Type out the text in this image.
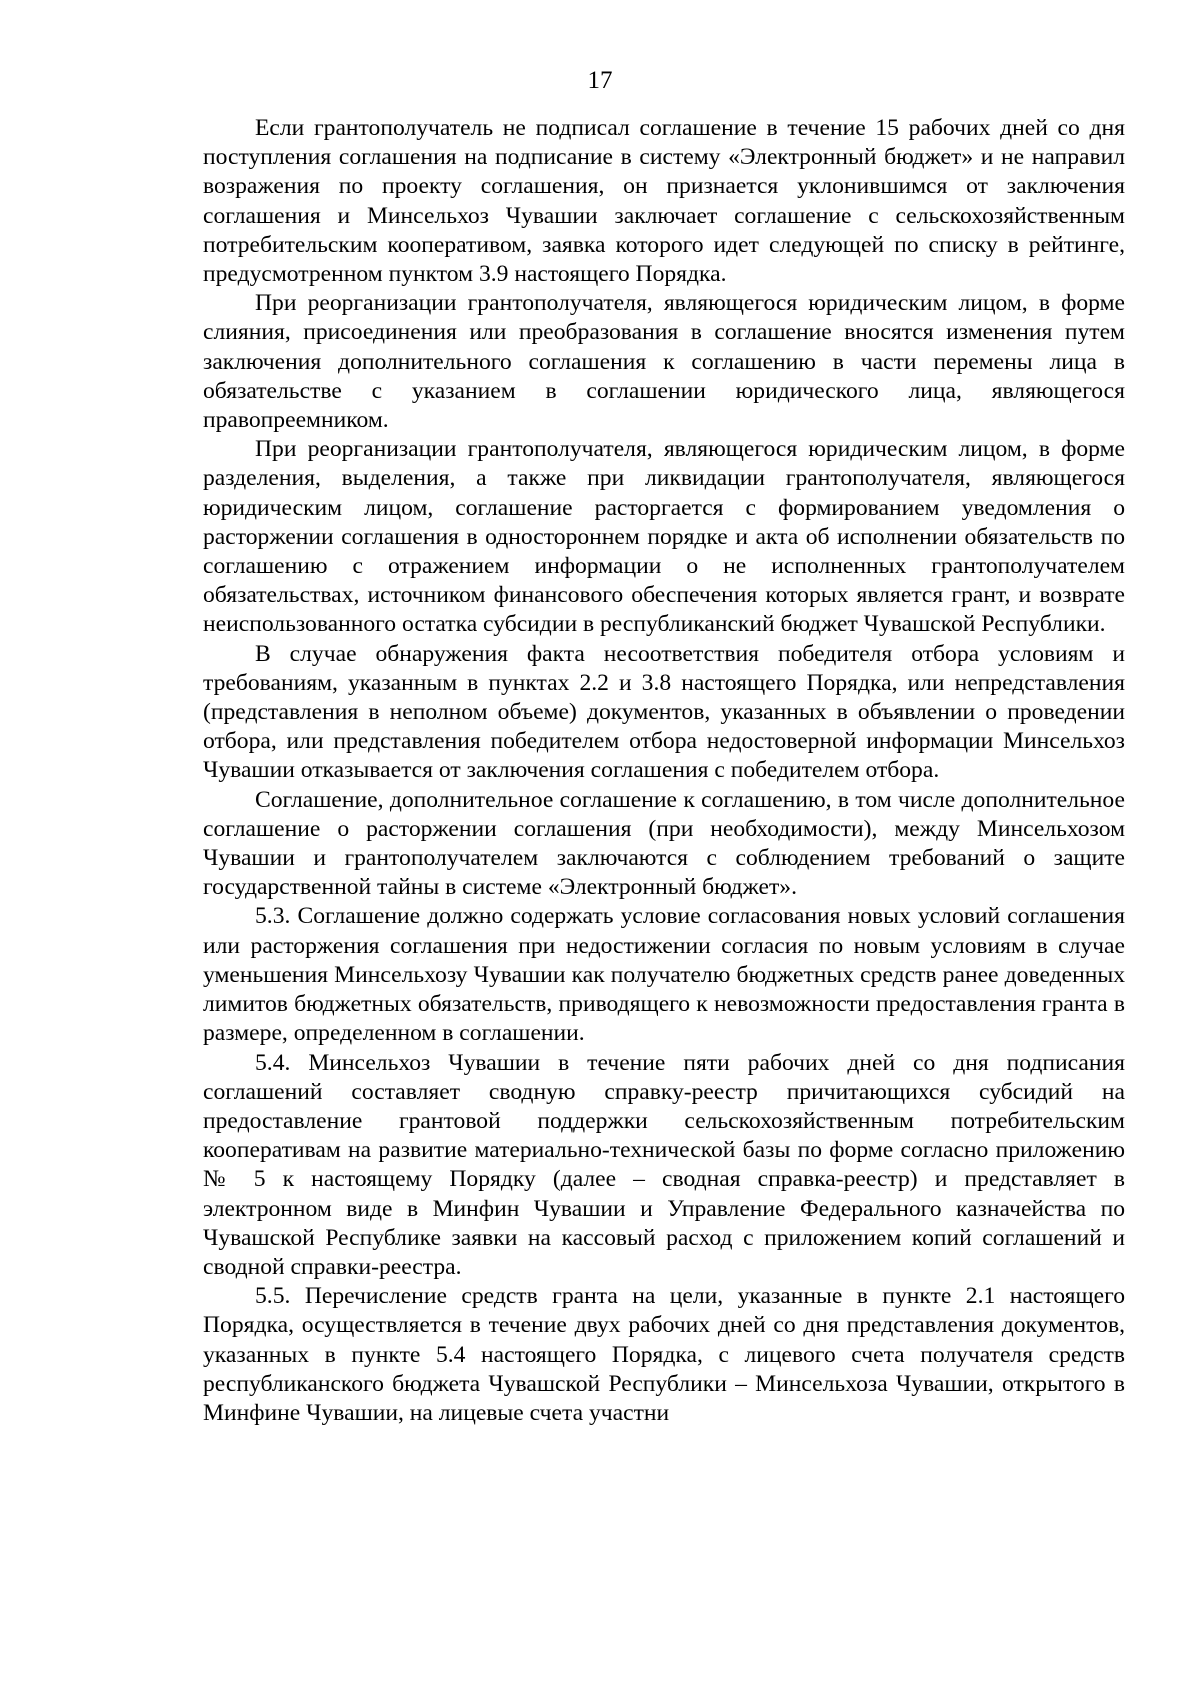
17

Если грантополучатель не подписал соглашение в течение 15 рабочих дней со дня поступления соглашения на подписание в систему «Электронный бюджет» и не направил возражения по проекту соглашения, он признается уклонившимся от заключения соглашения и Минсельхоз Чувашии заключает соглашение с сельскохозяйственным потребительским кооперативом, заявка которого идет следующей по списку в рейтинге, предусмотренном пунктом 3.9 настоящего Порядка.

При реорганизации грантополучателя, являющегося юридическим лицом, в форме слияния, присоединения или преобразования в соглашение вносятся изменения путем заключения дополнительного соглашения к соглашению в части перемены лица в обязательстве с указанием в соглашении юридического лица, являющегося правопреемником.

При реорганизации грантополучателя, являющегося юридическим лицом, в форме разделения, выделения, а также при ликвидации грантополучателя, являющегося юридическим лицом, соглашение расторгается с формированием уведомления о расторжении соглашения в одностороннем порядке и акта об исполнении обязательств по соглашению с отражением информации о не исполненных грантополучателем обязательствах, источником финансового обеспечения которых является грант, и возврате неиспользованного остатка субсидии в республиканский бюджет Чувашской Республики.

В случае обнаружения факта несоответствия победителя отбора условиям и требованиям, указанным в пунктах 2.2 и 3.8 настоящего Порядка, или непредставления (представления в неполном объеме) документов, указанных в объявлении о проведении отбора, или представления победителем отбора недостоверной информации Минсельхоз Чувашии отказывается от заключения соглашения с победителем отбора.

Соглашение, дополнительное соглашение к соглашению, в том числе дополнительное соглашение о расторжении соглашения (при необходимости), между Минсельхозом Чувашии и грантополучателем заключаются с соблюдением требований о защите государственной тайны в системе «Электронный бюджет».

5.3. Соглашение должно содержать условие согласования новых условий соглашения или расторжения соглашения при недостижении согласия по новым условиям в случае уменьшения Минсельхозу Чувашии как получателю бюджетных средств ранее доведенных лимитов бюджетных обязательств, приводящего к невозможности предоставления гранта в размере, определенном в соглашении.

5.4. Минсельхоз Чувашии в течение пяти рабочих дней со дня подписания соглашений составляет сводную справку-реестр причитающихся субсидий на предоставление грантовой поддержки сельскохозяйственным потребительским кооперативам на развитие материально-технической базы по форме согласно приложению № 5 к настоящему Порядку (далее – сводная справка-реестр) и представляет в электронном виде в Минфин Чувашии и Управление Федерального казначейства по Чувашской Республике заявки на кассовый расход с приложением копий соглашений и сводной справки-реестра.

5.5. Перечисление средств гранта на цели, указанные в пункте 2.1 настоящего Порядка, осуществляется в течение двух рабочих дней со дня представления документов, указанных в пункте 5.4 настоящего Порядка, с лицевого счета получателя средств республиканского бюджета Чувашской Республики – Минсельхоза Чувашии, открытого в Минфине Чувашии, на лицевые счета участни
